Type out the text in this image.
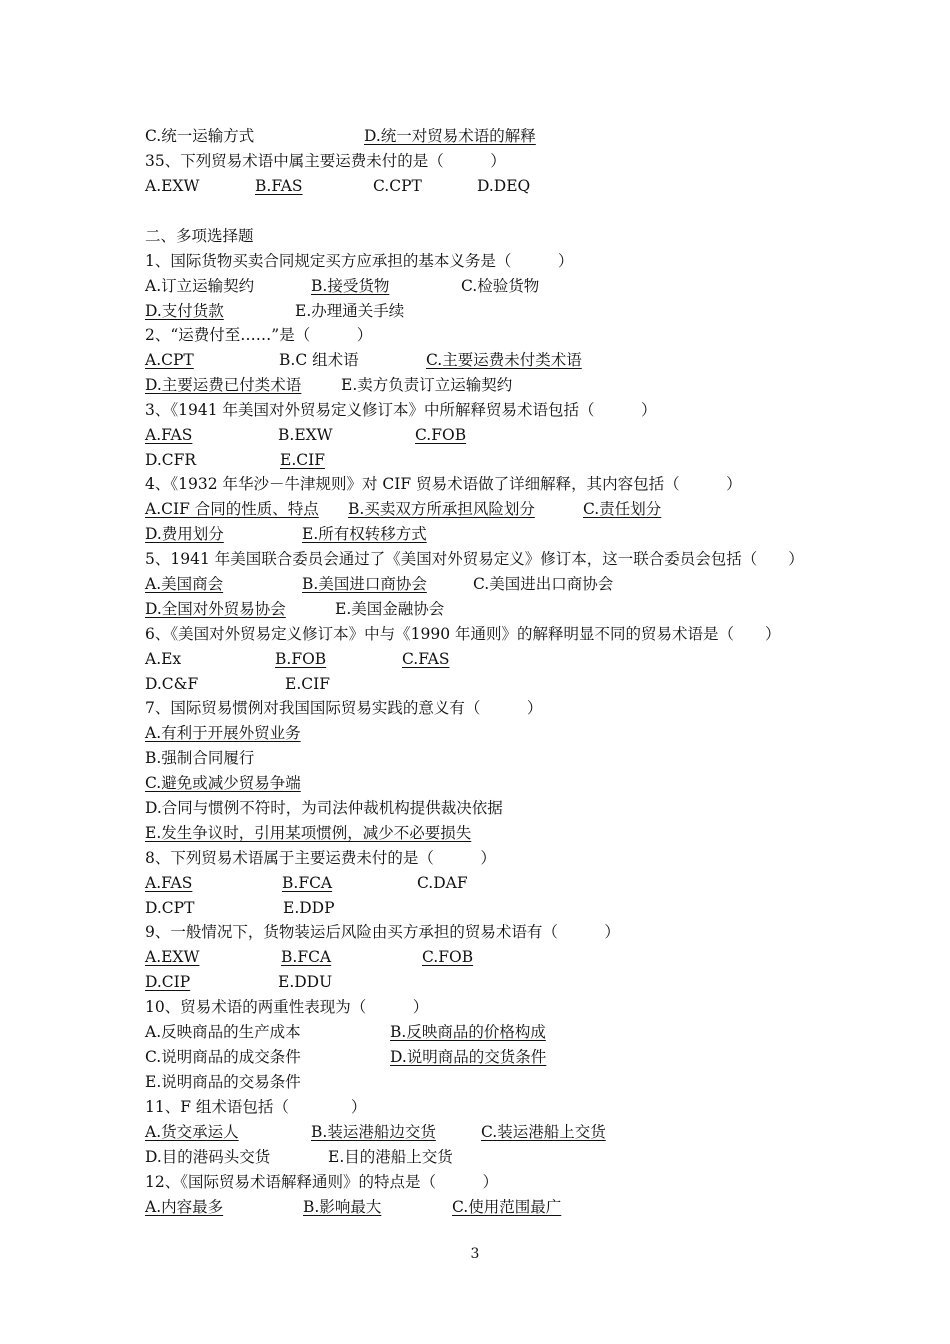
C.统一运输方式	D.统一对贸易术语的解释
35、下列贸易术语中属主要运费未付的是（　　　）
A.EXW	B.FAS	C.CPT	D.DEQ
二、多项选择题
1、国际货物买卖合同规定买方应承担的基本义务是（　　　）
A.订立运输契约	B.接受货物	C.检验货物
D.支付货款	E.办理通关手续
2、“运费付至……”是（　　　）
A.CPT	B.C 组术语	C.主要运费未付类术语
D.主要运费已付类术语	E.卖方负责订立运输契约
3、《1941 年美国对外贸易定义修订本》中所解释贸易术语包括（　　　）
A.FAS	B.EXW	C.FOB
D.CFR	E.CIF
4、《1932 年华沙－牛津规则》对 CIF 贸易术语做了详细解释，其内容包括（　　　）
A.CIF 合同的性质、特点 B.买卖双方所承担风险划分	C.责任划分
D.费用划分	E.所有权转移方式
5、1941 年美国联合委员会通过了《美国对外贸易定义》修订本，这一联合委员会包括（　　）
A.美国商会	B.美国进口商协会	C.美国进出口商协会
D.全国对外贸易协会	E.美国金融协会
6、《美国对外贸易定义修订本》中与《1990 年通则》的解释明显不同的贸易术语是（　　）
A.Ex	B.FOB	C.FAS
D.C&F	E.CIF
7、国际贸易惯例对我国国际贸易实践的意义有（　　　）
A.有利于开展外贸业务
B.强制合同履行
C.避免或减少贸易争端
D.合同与惯例不符时，为司法仲裁机构提供裁决依据
E.发生争议时，引用某项惯例，减少不必要损失
8、下列贸易术语属于主要运费未付的是（　　　）
A.FAS	B.FCA	C.DAF
D.CPT	E.DDP
9、一般情况下，货物装运后风险由买方承担的贸易术语有（　　　）
A.EXW	B.FCA	C.FOB
D.CIP	E.DDU
10、贸易术语的两重性表现为（　　　）
A.反映商品的生产成本	B.反映商品的价格构成
C.说明商品的成交条件	D.说明商品的交货条件
E.说明商品的交易条件
11、F 组术语包括（　　　　）
A.货交承运人	B.装运港船边交货	C.装运港船上交货
D.目的港码头交货	E.目的港船上交货
12、《国际贸易术语解释通则》的特点是（　　　）
A.内容最多	B.影响最大	C.使用范围最广
3
